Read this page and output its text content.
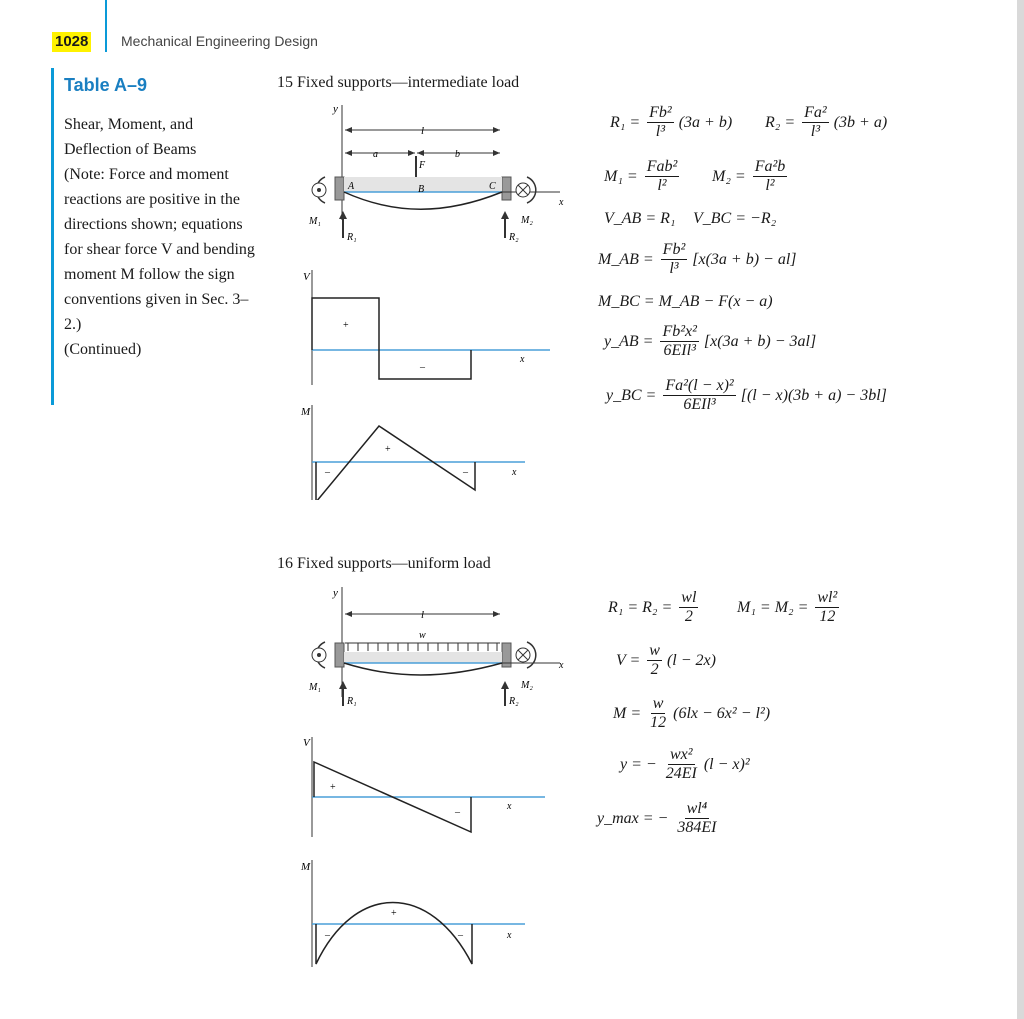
1028 Mechanical Engineering Design
Table A–9

Shear, Moment, and Deflection of Beams

(Note: Force and moment reactions are positive in the directions shown; equations for shear force V and bending moment M follow the sign conventions given in Sec. 3–2.)

(Continued)

15 Fixed supports—intermediate load
y
l
a	b
F
x
A	B	C
M₁	M₂
R₁	R₂
V
+
–
x
M
+
–	–	x
$R_1 = \frac{\text{Fb²}}{\text{l³}} (3a + b) R_2 = \frac{\text{Fa²}}{\text{l³}} (3b + a)$
$M_1 = \frac{\text{Fab²}}{\text{l²}} M_2 = \frac{\text{Fa²b}}{\text{l²}}$
V_AB = R₁ V_BC = −R₂
M_AB = $\frac{\text{Fb²}}{\text{l³}} [x(3a + b) - al]$
M_BC = M_AB − F(x − a)
y_AB = $\frac{\text{Fb²x²}}{\text{6EIl³}} [x(3a + b) - 3al]$
y_BC = $\frac{\text{Fa²(l − x)²}}{\text{6EIl³}} [(l - x)(3b + a) - 3bl]$
16 Fixed supports—uniform load
y
l
w
x
M₁	M₂
R₁	R₂
V
+
–
x
M
+
–	–	x
$R_1 = R_2 = \frac{wl}{2} M_1 = M_2 = \frac{\text{wl²}}{12}$
$V = \frac{w}{2} (l - 2x)$
$M = \frac{w}{12} (6lx - 6x^2 - l^2)$
y = − $\frac{\text{wx²}}{24EI} (l - x)^2$
y_max = − $\frac{\text{wl⁴}}{384EI}$
